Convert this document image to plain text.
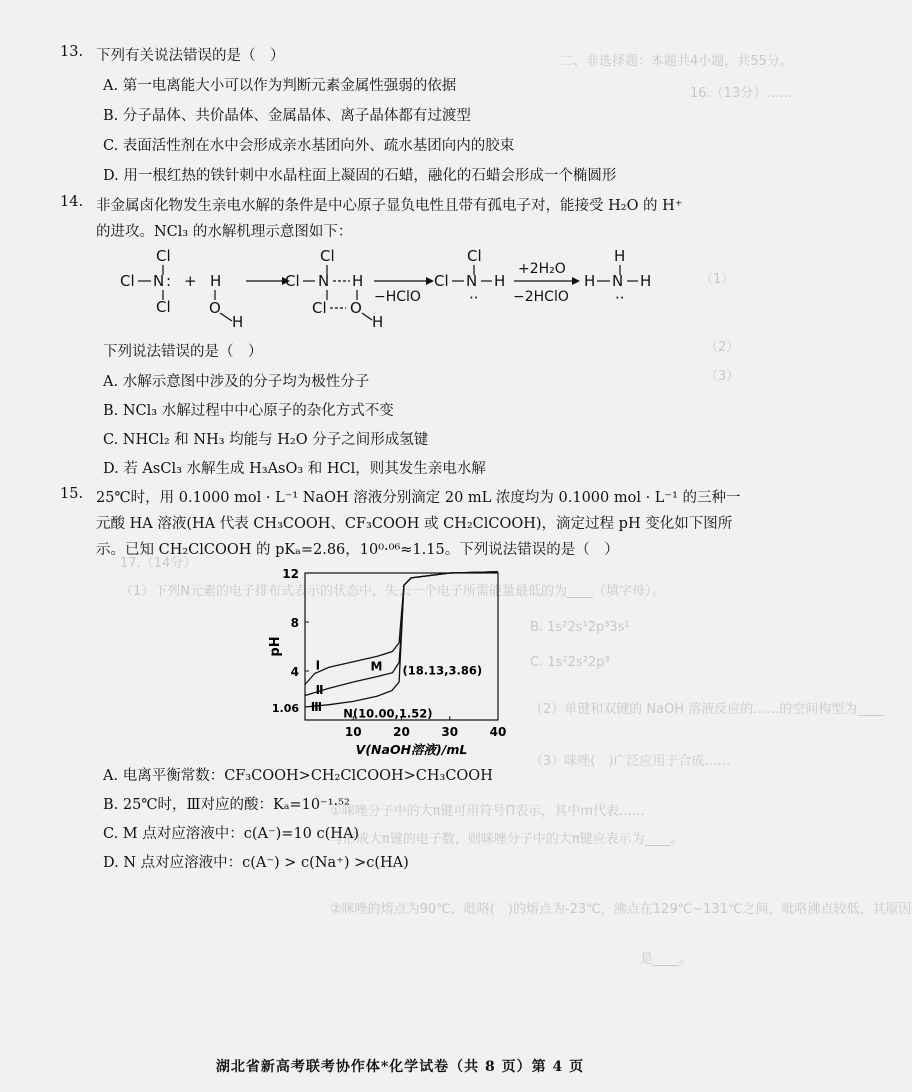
二、非选择题：本题共4小题，共55分。
16.（13分）……
（1）
（2）
（3）
17.（14分）
（1）下列N元素的电子排布式表示的状态中，失去一个电子所需能量最低的为____（填字母）。
B. 1s²2s¹2p³3s¹
C. 1s²2s²2p³
（2）单键和双键的 NaOH 溶液反应的……的空间构型为____
（3）咪唑(　)广泛应用于合成……
①咪唑分子中的大π键可用符号Π表示，其中m代表……
与形成大π键的电子数，则咪唑分子中的大π键应表示为____。
②咪唑的熔点为90℃，吡咯(　)的熔点为-23℃，沸点在129℃~131℃之间，吡咯沸点较低，其原因
是____。
13. 下列有关说法错误的是（　）
A. 第一电离能大小可以作为判断元素金属性强弱的依据
B. 分子晶体、共价晶体、金属晶体、离子晶体都有过渡型
C. 表面活性剂在水中会形成亲水基团向外、疏水基团向内的胶束
D. 用一根红热的铁针刺中水晶柱面上凝固的石蜡，融化的石蜡会形成一个椭圆形
14. 非金属卤化物发生亲电水解的条件是中心原子显负电性且带有孤电子对，能接受 H₂O 的 H⁺
的进攻。NCl₃ 的水解机理示意图如下：
Cl
Cl N :
Cl
+ H
O
H
Cl
Cl N H
Cl O
H
−HClO
Cl
Cl N H
··
+2H₂O
−2HClO
H
H N H
··
下列说法错误的是（　）
A. 水解示意图中涉及的分子均为极性分子
B. NCl₃ 水解过程中中心原子的杂化方式不变
C. NHCl₂ 和 NH₃ 均能与 H₂O 分子之间形成氢键
D. 若 AsCl₃ 水解生成 H₃AsO₃ 和 HCl，则其发生亲电水解
15. 25℃时，用 0.1000 mol · L⁻¹ NaOH 溶液分别滴定 20 mL 浓度均为 0.1000 mol · L⁻¹ 的三种一
元酸 HA 溶液(HA 代表 CH₃COOH、CF₃COOH 或 CH₂ClCOOH)，滴定过程 pH 变化如下图所
示。已知 CH₂ClCOOH 的 pKₐ=2.86，10⁰·⁰⁶≈1.15。下列说法错误的是（　）
4
8
12
1.06
10	20	30	40
V(NaOH溶液)/mL
pH
Ⅰ
Ⅱ
Ⅲ
M (18.13,3.86)
N(10.00,1.52)
A. 电离平衡常数：CF₃COOH>CH₂ClCOOH>CH₃COOH
B. 25℃时，Ⅲ对应的酸：Kₐ=10⁻¹·⁵²
C. M 点对应溶液中：c(A⁻)=10 c(HA)
D. N 点对应溶液中：c(A⁻) > c(Na⁺) >c(HA)
湖北省新高考联考协作体*化学试卷（共 8 页）第 4 页
